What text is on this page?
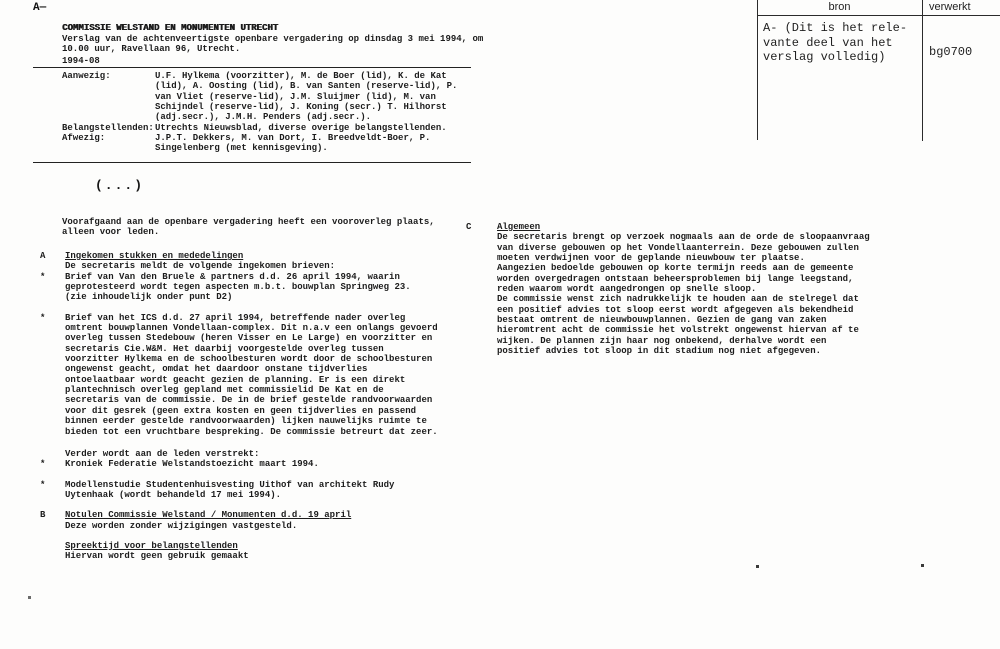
A—

COMMISSIE WELSTAND EN MONUMENTEN UTRECHT

1994-08

Verslag van de achtenveertigste openbare vergadering op dinsdag 3 mei 1994, om
10.00 uur, Ravellaan 96, Utrecht.
Aanwezig:	U.F. Hylkema (voorzitter), M. de Boer (lid), K. de Kat
(lid), A. Oosting (lid), B. van Santen (reserve-lid), P.
van Vliet (reserve-lid), J.M. Sluijmer (lid), M. van
Schijndel (reserve-lid), J. Koning (secr.) T. Hilhorst
(adj.secr.), J.M.H. Penders (adj.secr.).
Belangstellenden: Utrechts Nieuwsblad, diverse overige belangstellenden.
Afwezig:	J.P.T. Dekkers, M. van Dort, I. Breedveldt-Boer, P.
Singelenberg (met kennisgeving).
(...)
Voorafgaand aan de openbare vergadering heeft een vooroverleg plaats,
alleen voor leden.
A	Ingekomen stukken en mededelingen
De secretaris meldt de volgende ingekomen brieven:
*	Brief van Van den Bruele & partners d.d. 26 april 1994, waarin
geprotesteerd wordt tegen aspecten m.b.t. bouwplan Springweg 23.
(zie inhoudelijk onder punt D2)
*	Brief van het ICS d.d. 27 april 1994, betreffende nader overleg
omtrent bouwplannen Vondellaan-complex. Dit n.a.v een onlangs gevoerd
overleg tussen Stedebouw (heren Visser en Le Large) en voorzitter en
secretaris Cie.W&M. Het daarbij voorgestelde overleg tussen
voorzitter Hylkema en de schoolbesturen wordt door de schoolbesturen
ongewenst geacht, omdat het daardoor onstane tijdverlies
ontoelaatbaar wordt geacht gezien de planning. Er is een direkt
plantechnisch overleg gepland met commissielid De Kat en de
secretaris van de commissie. De in de brief gestelde randvoorwaarden
voor dit gesrek (geen extra kosten en geen tijdverlies en passend
binnen eerder gestelde randvoorwaarden) lijken nauwelijks ruimte te
bieden tot een vruchtbare bespreking. De commissie betreurt dat zeer.
Verder wordt aan de leden verstrekt:
*	Kroniek Federatie Welstandstoezicht maart 1994.
*	Modellenstudie Studentenhuisvesting Uithof van architekt Rudy
Uytenhaak (wordt behandeld 17 mei 1994).
B	Notulen Commissie Welstand / Monumenten d.d. 19 april
Deze worden zonder wijzigingen vastgesteld.
Spreektijd voor belangstellenden
Hiervan wordt geen gebruik gemaakt
C	Algemeen
De secretaris brengt op verzoek nogmaals aan de orde de sloopaanvraag
van diverse gebouwen op het Vondellaanterrein. Deze gebouwen zullen
moeten verdwijnen voor de geplande nieuwbouw ter plaatse.
Aangezien bedoelde gebouwen op korte termijn reeds aan de gemeente
worden overgedragen ontstaan beheersproblemen bij lange leegstand,
reden waarom wordt aangedrongen op snelle sloop.
De commissie wenst zich nadrukkelijk te houden aan de stelregel dat
een positief advies tot sloop eerst wordt afgegeven als bekendheid
bestaat omtrent de nieuwbouwplannen. Gezien de gang van zaken
hieromtrent acht de commissie het volstrekt ongewenst hiervan af te
wijken. De plannen zijn haar nog onbekend, derhalve wordt een
positief advies tot sloop in dit stadium nog niet afgegeven.
bron	verwerkt
A- (Dit is het rele-
vante deel van het
verslag volledig)	bg0700
